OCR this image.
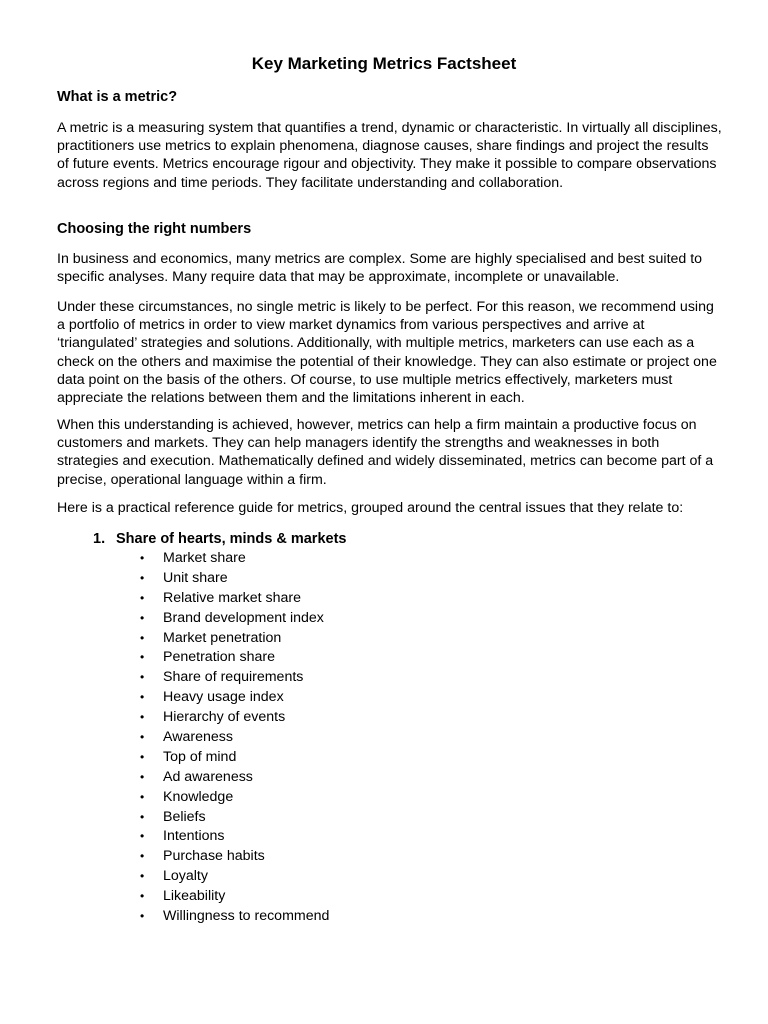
Key Marketing Metrics Factsheet
What is a metric?

A metric is a measuring system that quantifies a trend, dynamic or characteristic. In virtually all disciplines, practitioners use metrics to explain phenomena, diagnose causes, share findings and project the results of future events. Metrics encourage rigour and objectivity. They make it possible to compare observations across regions and time periods. They facilitate understanding and collaboration.

Choosing the right numbers

In business and economics, many metrics are complex. Some are highly specialised and best suited to specific analyses. Many require data that may be approximate, incomplete or unavailable.

Under these circumstances, no single metric is likely to be perfect. For this reason, we recommend using a portfolio of metrics in order to view market dynamics from various perspectives and arrive at ‘triangulated’ strategies and solutions. Additionally, with multiple metrics, marketers can use each as a check on the others and maximise the potential of their knowledge. They can also estimate or project one data point on the basis of the others. Of course, to use multiple metrics effectively, marketers must appreciate the relations between them and the limitations inherent in each.

When this understanding is achieved, however, metrics can help a firm maintain a productive focus on customers and markets. They can help managers identify the strengths and weaknesses in both strategies and execution. Mathematically defined and widely disseminated, metrics can become part of a precise, operational language within a firm.

Here is a practical reference guide for metrics, grouped around the central issues that they relate to:

1. Share of hearts, minds & markets
• Market share
• Unit share
• Relative market share
• Brand development index
• Market penetration
• Penetration share
• Share of requirements
• Heavy usage index
• Hierarchy of events
• Awareness
• Top of mind
• Ad awareness
• Knowledge
• Beliefs
• Intentions
• Purchase habits
• Loyalty
• Likeability
• Willingness to recommend
